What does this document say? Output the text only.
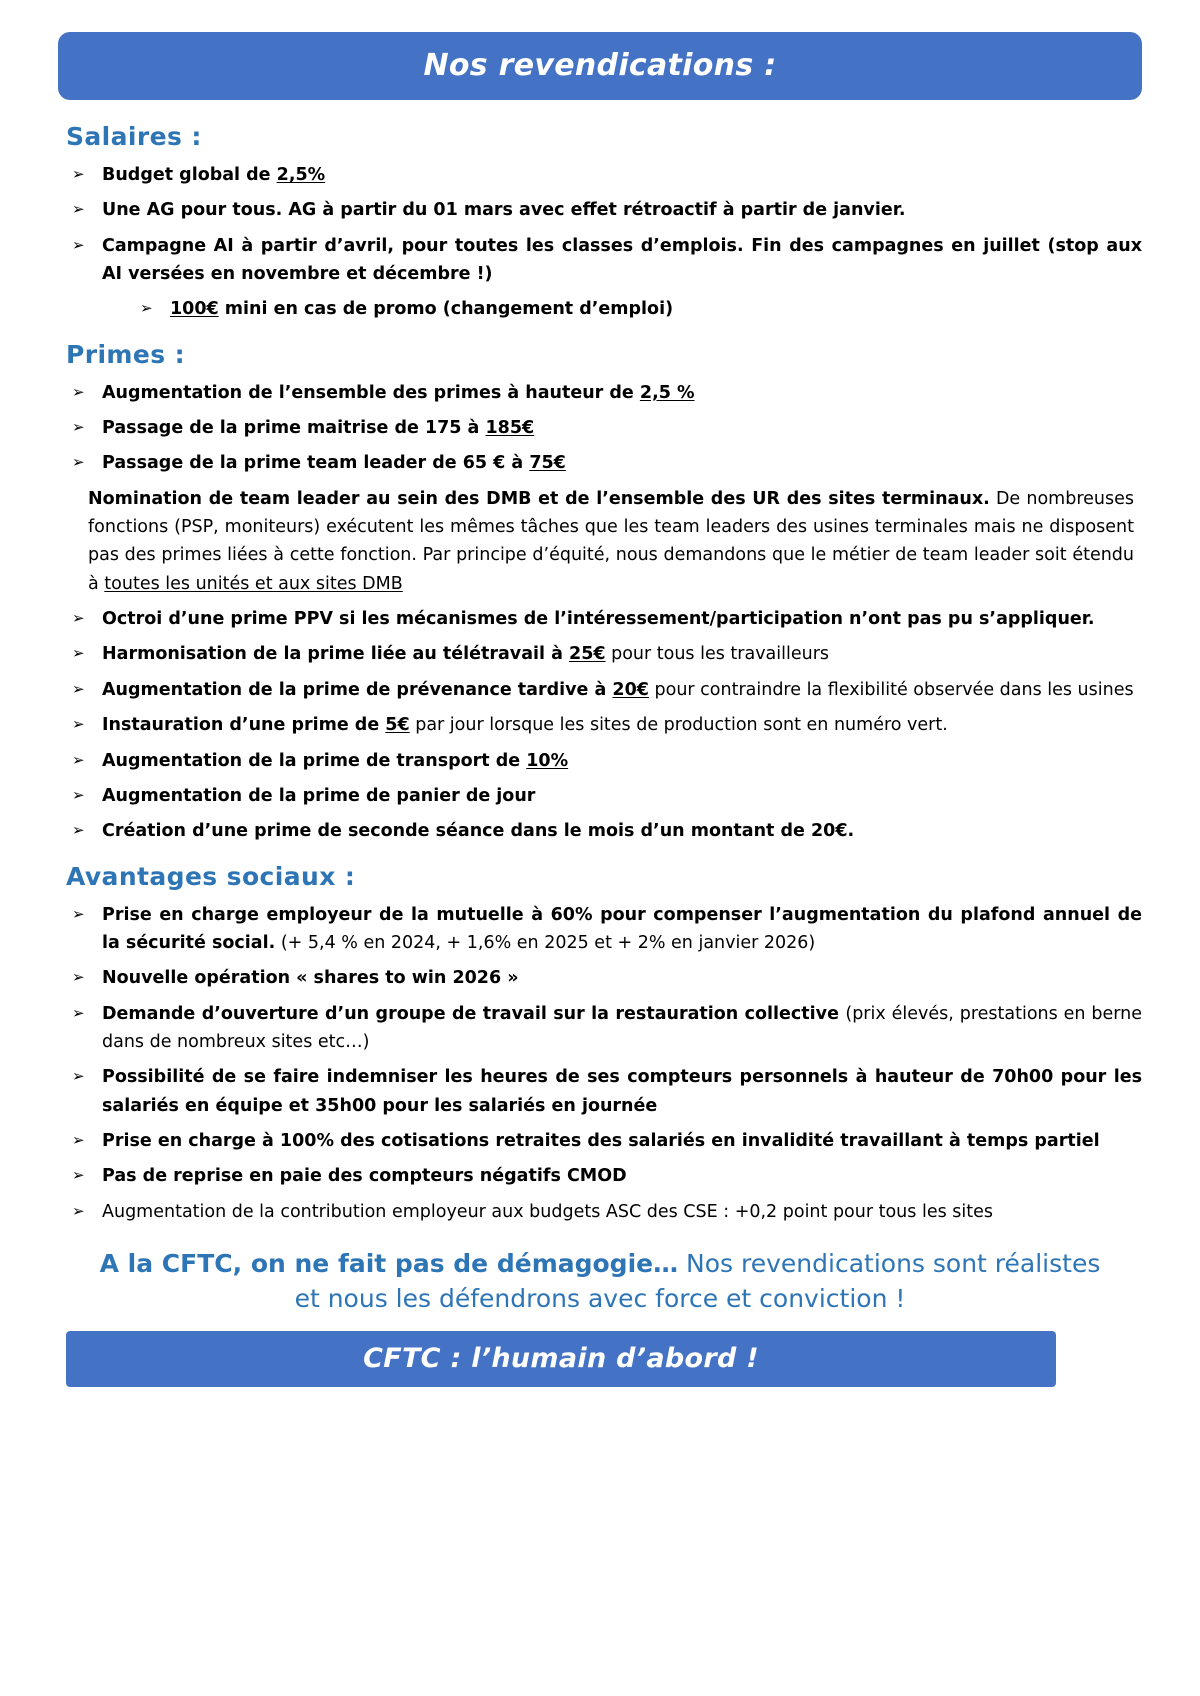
Nos revendications :
Salaires :
➢ Budget global de 2,5%
➢ Une AG pour tous. AG à partir du 01 mars avec effet rétroactif à partir de janvier.
➢ Campagne AI à partir d’avril, pour toutes les classes d’emplois. Fin des campagnes en juillet (stop aux AI versées en novembre et décembre !)
➢ 100€ mini en cas de promo (changement d’emploi)
Primes :
➢ Augmentation de l’ensemble des primes à hauteur de 2,5 %
➢ Passage de la prime maitrise de 175 à 185€
➢ Passage de la prime team leader de 65 € à 75€
Nomination de team leader au sein des DMB et de l’ensemble des UR des sites terminaux. De nombreuses fonctions (PSP, moniteurs) exécutent les mêmes tâches que les team leaders des usines terminales mais ne disposent pas des primes liées à cette fonction. Par principe d’équité, nous demandons que le métier de team leader soit étendu à toutes les unités et aux sites DMB
➢ Octroi d’une prime PPV si les mécanismes de l’intéressement/participation n’ont pas pu s’appliquer.
➢ Harmonisation de la prime liée au télétravail à 25€ pour tous les travailleurs
➢ Augmentation de la prime de prévenance tardive à 20€ pour contraindre la flexibilité observée dans les usines
➢ Instauration d’une prime de 5€ par jour lorsque les sites de production sont en numéro vert.
➢ Augmentation de la prime de transport de 10%
➢ Augmentation de la prime de panier de jour
➢ Création d’une prime de seconde séance dans le mois d’un montant de 20€.
Avantages sociaux :
➢ Prise en charge employeur de la mutuelle à 60% pour compenser l’augmentation du plafond annuel de la sécurité social. (+ 5,4 % en 2024, + 1,6% en 2025 et + 2% en janvier 2026)
➢ Nouvelle opération « shares to win 2026 »
➢ Demande d’ouverture d’un groupe de travail sur la restauration collective (prix élevés, prestations en berne dans de nombreux sites etc…)
➢ Possibilité de se faire indemniser les heures de ses compteurs personnels à hauteur de 70h00 pour les salariés en équipe et 35h00 pour les salariés en journée
➢ Prise en charge à 100% des cotisations retraites des salariés en invalidité travaillant à temps partiel
➢ Pas de reprise en paie des compteurs négatifs CMOD
➢ Augmentation de la contribution employeur aux budgets ASC des CSE : +0,2 point pour tous les sites
A la CFTC, on ne fait pas de démagogie… Nos revendications sont réalistes et nous les défendrons avec force et conviction !
CFTC : l’humain d’abord !
